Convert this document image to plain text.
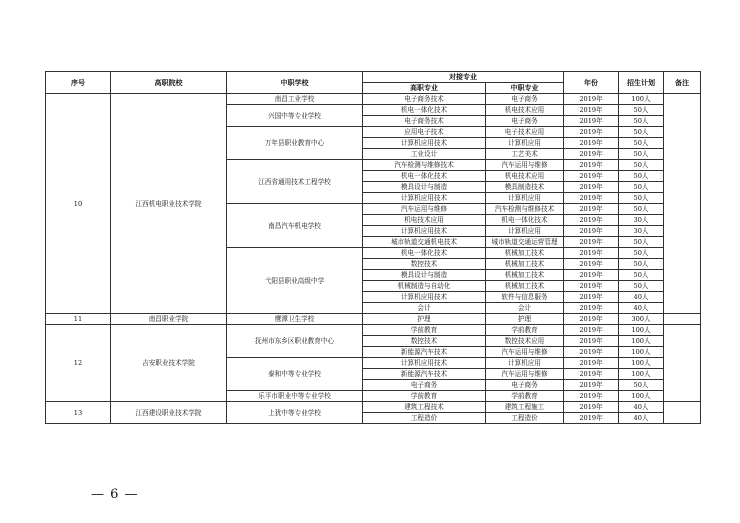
序号	高职院校	中职学校	对接专业		年份	招生计划	备注
			高职专业	中职专业			
10	江西机电职业技术学院	南昌工业学校	电子商务技术	电子商务	2019年	100人	
		兴国中等专业学校	机电一体化技术	机电技术应用	2019年	50人	
			电子商务技术	电子商务	2019年	50人	
		万年县职业教育中心	应用电子技术	电子技术应用	2019年	50人	
			计算机应用技术	计算机应用	2019年	50人	
			工业设计	工艺美术	2019年	50人	
		江西省通用技术工程学校	汽车检测与维修技术	汽车运用与维修	2019年	50人	
			机电一体化技术	机电技术应用	2019年	50人	
			模具设计与制造	模具制造技术	2019年	50人	
			计算机应用技术	计算机应用	2019年	50人	
		南昌汽车机电学校	汽车运用与维修	汽车检测与维修技术	2019年	50人	
			机电技术应用	机电一体化技术	2019年	30人	
			计算机应用技术	计算机应用	2019年	30人	
			城市轨道交通机电技术	城市轨道交通运营管理	2019年	50人	
		弋阳县职业高级中学	机电一体化技术	机械加工技术	2019年	50人	
			数控技术	机械加工技术	2019年	50人	
			模具设计与制造	机械加工技术	2019年	50人	
			机械制造与自动化	机械加工技术	2019年	50人	
			计算机应用技术	软件与信息服务	2019年	40人	
			会计	会计	2019年	40人	
11	南昌职业学院	鹰潭卫生学校	护理	护理	2019年	300人	
12	吉安职业技术学院	抚州市东乡区职业教育中心	学前教育	学前教育	2019年	100人	
			数控技术	数控技术应用	2019年	100人	
			新能源汽车技术	汽车运用与维修	2019年	100人	
		泰和中等专业学校	计算机应用技术	计算机应用	2019年	100人	
			新能源汽车技术	汽车运用与维修	2019年	100人	
			电子商务	电子商务	2019年	50人	
		乐平市职业中等专业学校	学前教育	学前教育	2019年	100人	
13	江西建设职业技术学院	上犹中等专业学校	建筑工程技术	建筑工程施工	2019年	40人	
			工程造价	工程造价	2019年	40人	
— 6 —
